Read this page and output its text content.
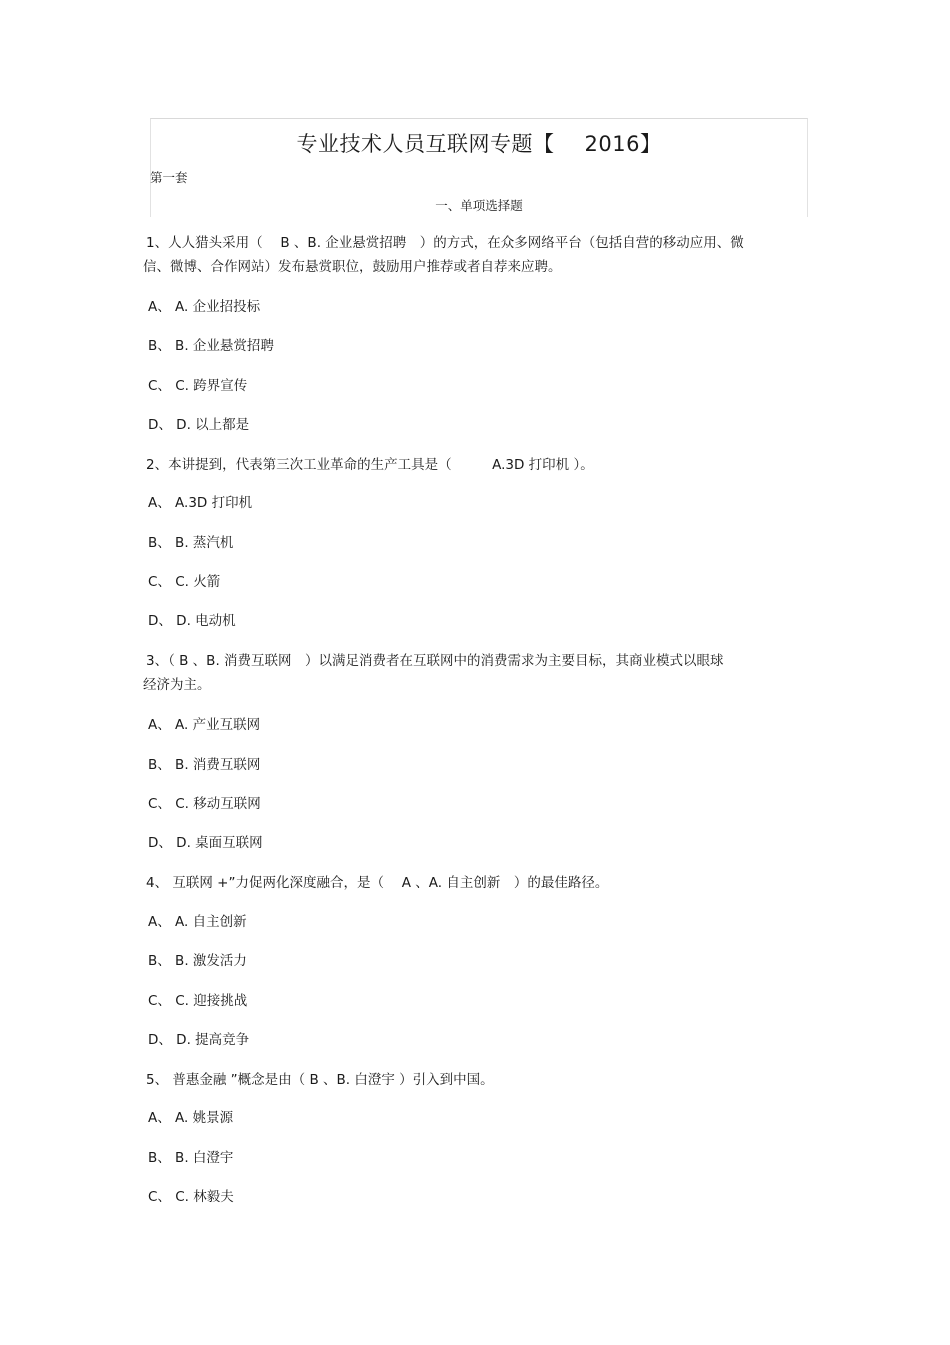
专业技术人员互联网专题【 2016】
第一套
一、单项选择题
1、人人猎头采用（　 B 、B. 企业悬赏招聘　）的方式，在众多网络平台（包括自营的移动应用、微
信、微博、合作网站）发布悬赏职位，鼓励用户推荐或者自荐来应聘。
A、 A. 企业招投标
B、 B. 企业悬赏招聘
C、 C. 跨界宣传
D、 D. 以上都是
2、本讲提到，代表第三次工业革命的生产工具是（　　　A.3D 打印机 ）。
A、 A.3D 打印机
B、 B. 蒸汽机
C、 C. 火箭
D、 D. 电动机
3、（ B 、B. 消费互联网　）以满足消费者在互联网中的消费需求为主要目标，其商业模式以眼球
经济为主。
A、 A. 产业互联网
B、 B. 消费互联网
C、 C. 移动互联网
D、 D. 桌面互联网
4、 互联网 +”力促两化深度融合，是（　 A 、A. 自主创新　）的最佳路径。
A、 A. 自主创新
B、 B. 激发活力
C、 C. 迎接挑战
D、 D. 提高竞争
5、 普惠金融 ”概念是由（ B 、B. 白澄宇 ）引入到中国。
A、 A. 姚景源
B、 B. 白澄宇
C、 C. 林毅夫
